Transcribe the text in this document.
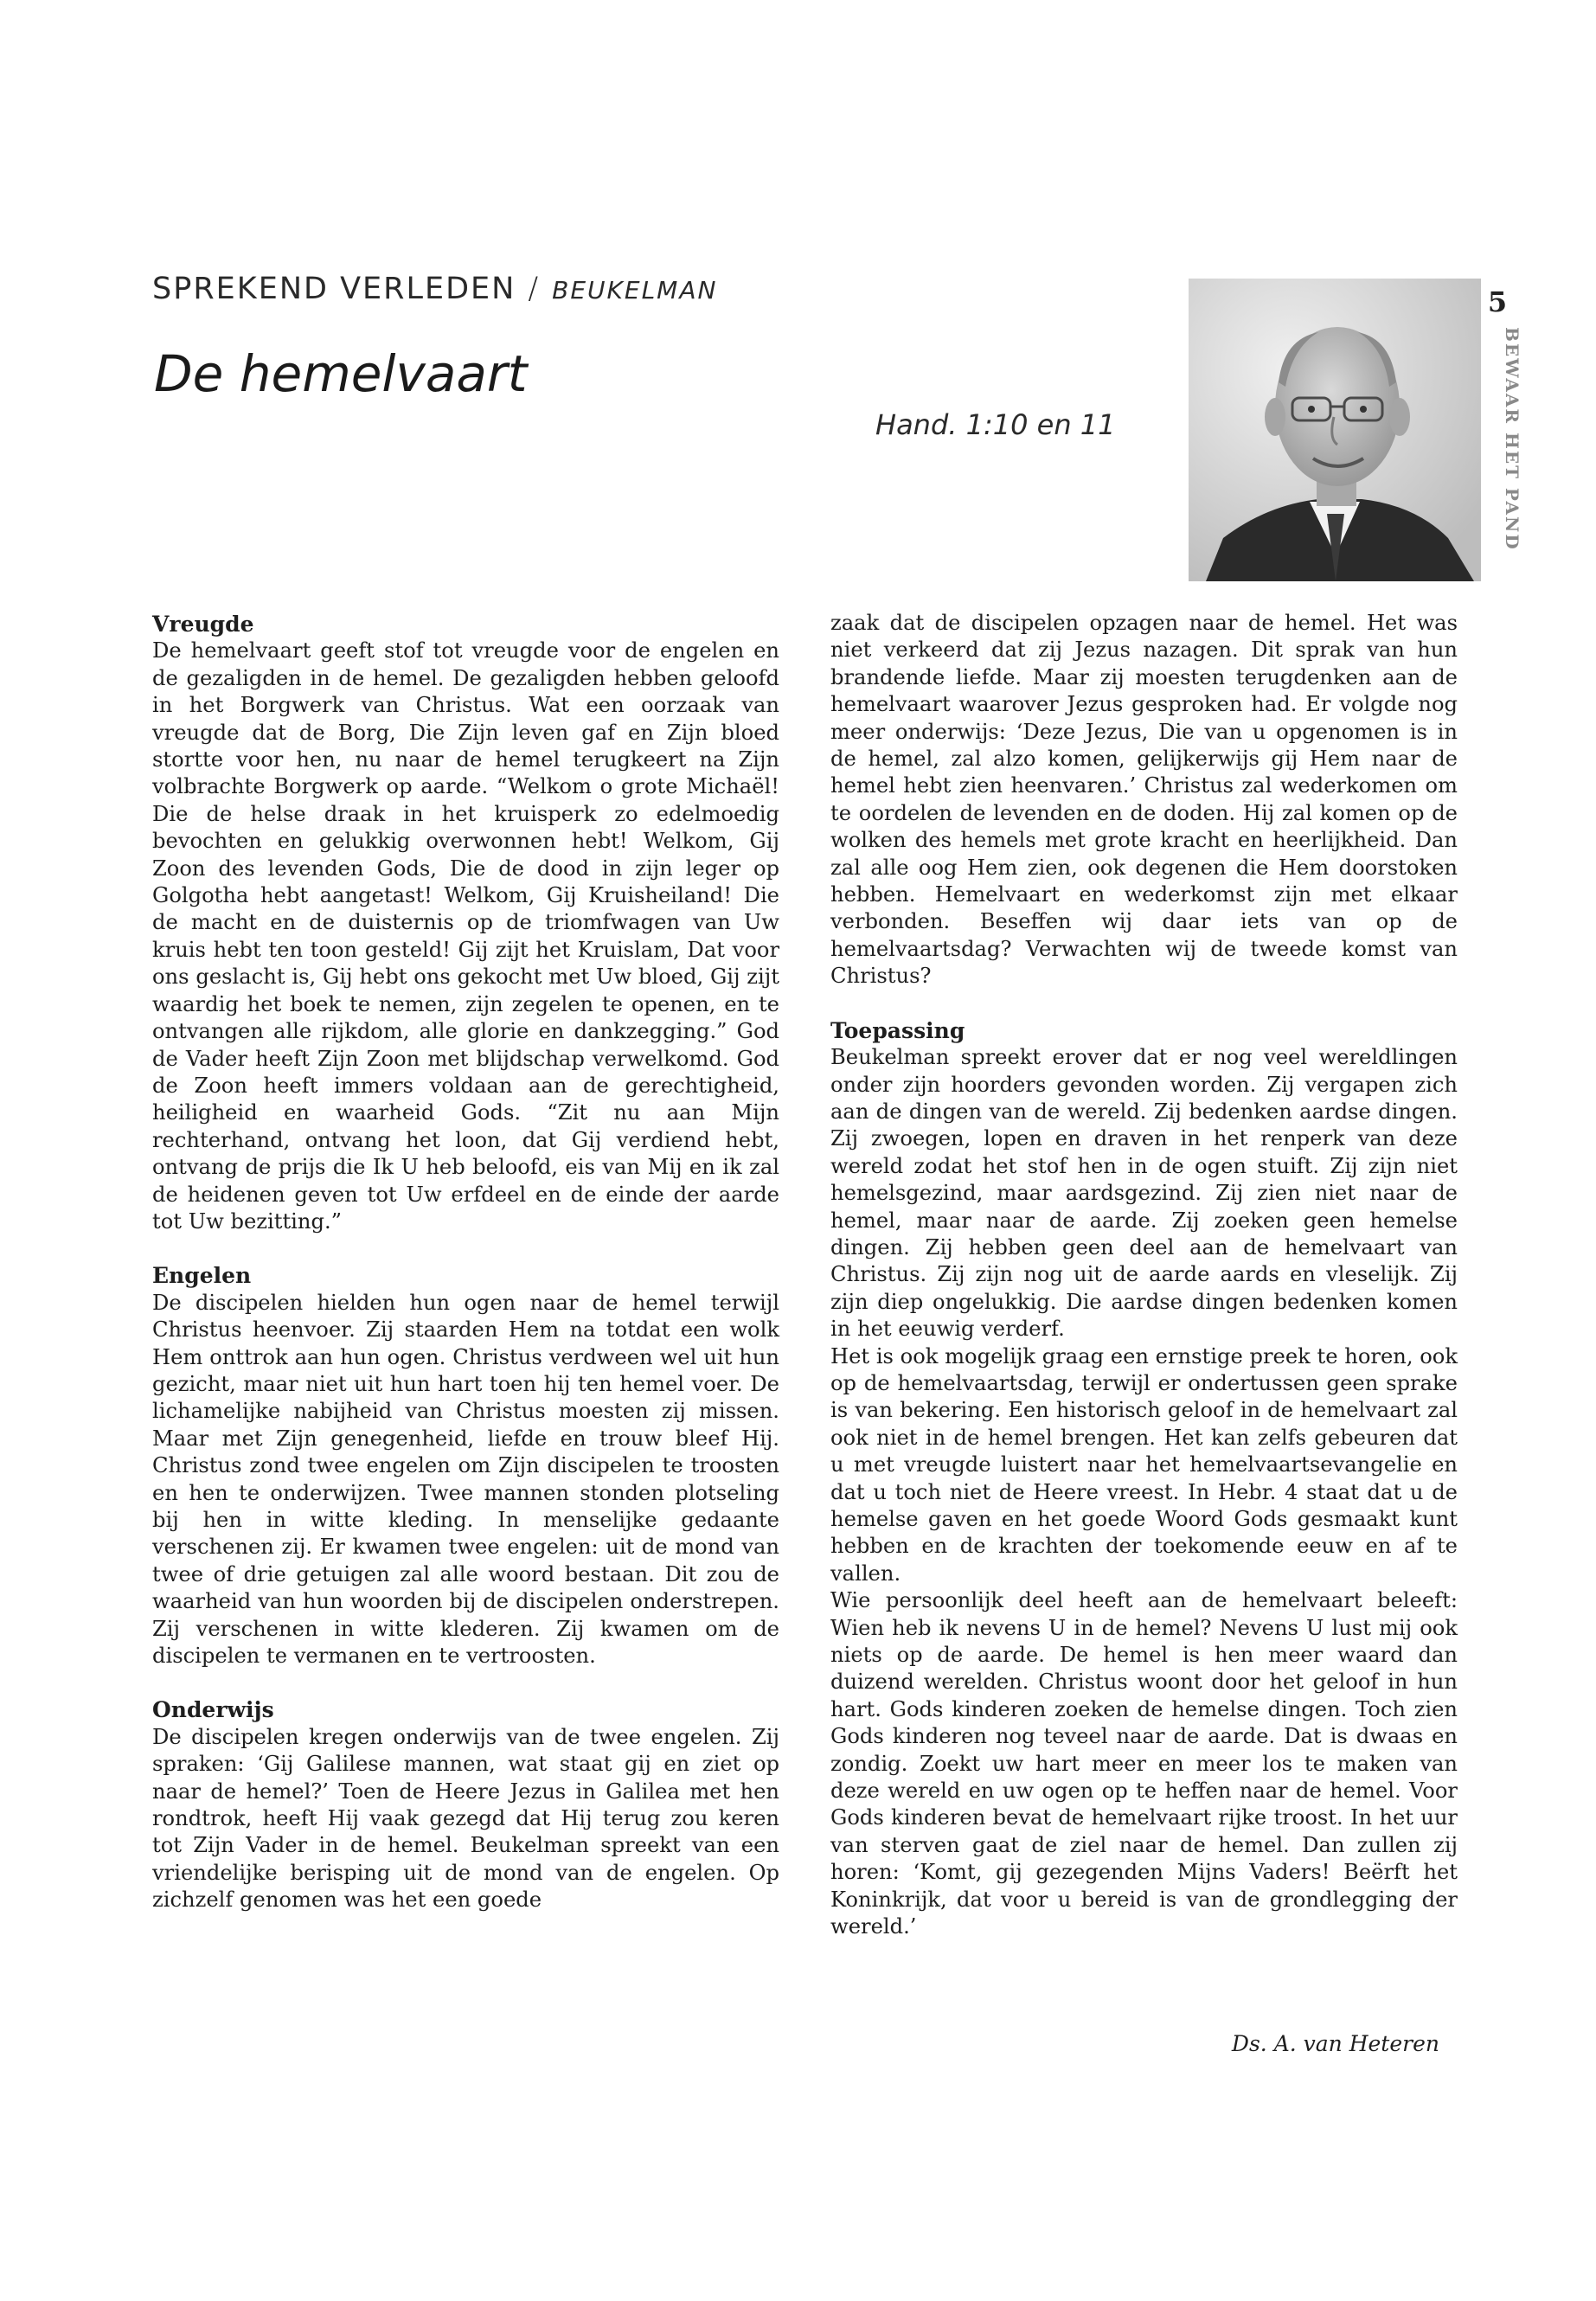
SPREKEND VERLEDEN / BEUKELMAN
De hemelvaart
Hand. 1:10 en 11
5
BEWAAR HET PAND

Vreugde

De hemelvaart geeft stof tot vreugde voor de engelen en de gezaligden in de hemel. De gezaligden hebben geloofd in het Borgwerk van Christus. Wat een oorzaak van vreugde dat de Borg, Die Zijn leven gaf en Zijn bloed stortte voor hen, nu naar de hemel terugkeert na Zijn volbrachte Borgwerk op aarde. “Welkom o grote Michaël! Die de helse draak in het kruisperk zo edelmoedig bevochten en gelukkig overwonnen hebt! Welkom, Gij Zoon des levenden Gods, Die de dood in zijn leger op Golgotha hebt aangetast! Welkom, Gij Kruisheiland! Die de macht en de duisternis op de triomfwagen van Uw kruis hebt ten toon gesteld! Gij zijt het Kruislam, Dat voor ons geslacht is, Gij hebt ons gekocht met Uw bloed, Gij zijt waardig het boek te nemen, zijn zegelen te openen, en te ontvangen alle rijkdom, alle glorie en dankzegging.” God de Vader heeft Zijn Zoon met blijdschap verwelkomd. God de Zoon heeft immers voldaan aan de gerechtigheid, heiligheid en waarheid Gods. “Zit nu aan Mijn rechterhand, ontvang het loon, dat Gij verdiend hebt, ontvang de prijs die Ik U heb beloofd, eis van Mij en ik zal de heidenen geven tot Uw erfdeel en de einde der aarde tot Uw bezitting.”

Engelen

De discipelen hielden hun ogen naar de hemel terwijl Christus heenvoer. Zij staarden Hem na totdat een wolk Hem onttrok aan hun ogen. Christus verdween wel uit hun gezicht, maar niet uit hun hart toen hij ten hemel voer. De lichamelijke nabijheid van Christus moesten zij missen. Maar met Zijn genegenheid, liefde en trouw bleef Hij. Christus zond twee engelen om Zijn discipelen te troosten en hen te onderwijzen. Twee mannen stonden plotseling bij hen in witte kleding. In menselijke gedaante verschenen zij. Er kwamen twee engelen: uit de mond van twee of drie getuigen zal alle woord bestaan. Dit zou de waarheid van hun woorden bij de discipelen onderstrepen. Zij verschenen in witte klederen. Zij kwamen om de discipelen te vermanen en te vertroosten.

Onderwijs

De discipelen kregen onderwijs van de twee engelen. Zij spraken: ‘Gij Galilese mannen, wat staat gij en ziet op naar de hemel?’ Toen de Heere Jezus in Galilea met hen rondtrok, heeft Hij vaak gezegd dat Hij terug zou keren tot Zijn Vader in de hemel. Beukelman spreekt van een vriendelijke berisping uit de mond van de engelen. Op zichzelf genomen was het een goede

zaak dat de discipelen opzagen naar de hemel. Het was niet verkeerd dat zij Jezus nazagen. Dit sprak van hun brandende liefde. Maar zij moesten terugdenken aan de hemelvaart waarover Jezus gesproken had. Er volgde nog meer onderwijs: ‘Deze Jezus, Die van u opgenomen is in de hemel, zal alzo komen, gelijkerwijs gij Hem naar de hemel hebt zien heenvaren.’ Christus zal wederkomen om te oordelen de levenden en de doden. Hij zal komen op de wolken des hemels met grote kracht en heerlijkheid. Dan zal alle oog Hem zien, ook degenen die Hem doorstoken hebben. Hemelvaart en wederkomst zijn met elkaar verbonden. Beseffen wij daar iets van op de hemelvaartsdag? Verwachten wij de tweede komst van Christus?

Toepassing

Beukelman spreekt erover dat er nog veel wereldlingen onder zijn hoorders gevonden worden. Zij vergapen zich aan de dingen van de wereld. Zij bedenken aardse dingen. Zij zwoegen, lopen en draven in het renperk van deze wereld zodat het stof hen in de ogen stuift. Zij zijn niet hemelsgezind, maar aardsgezind. Zij zien niet naar de hemel, maar naar de aarde. Zij zoeken geen hemelse dingen. Zij hebben geen deel aan de hemelvaart van Christus. Zij zijn nog uit de aarde aards en vleselijk. Zij zijn diep ongelukkig. Die aardse dingen bedenken komen in het eeuwig verderf.

Het is ook mogelijk graag een ernstige preek te horen, ook op de hemelvaartsdag, terwijl er ondertussen geen sprake is van bekering. Een historisch geloof in de hemelvaart zal ook niet in de hemel brengen. Het kan zelfs gebeuren dat u met vreugde luistert naar het hemelvaartsevangelie en dat u toch niet de Heere vreest. In Hebr. 4 staat dat u de hemelse gaven en het goede Woord Gods gesmaakt kunt hebben en de krachten der toekomende eeuw en af te vallen.

Wie persoonlijk deel heeft aan de hemelvaart beleeft: Wien heb ik nevens U in de hemel? Nevens U lust mij ook niets op de aarde. De hemel is hen meer waard dan duizend werelden. Christus woont door het geloof in hun hart. Gods kinderen zoeken de hemelse dingen. Toch zien Gods kinderen nog teveel naar de aarde. Dat is dwaas en zondig. Zoekt uw hart meer en meer los te maken van deze wereld en uw ogen op te heffen naar de hemel. Voor Gods kinderen bevat de hemelvaart rijke troost. In het uur van sterven gaat de ziel naar de hemel. Dan zullen zij horen: ‘Komt, gij gezegenden Mijns Vaders! Beërft het Koninkrijk, dat voor u bereid is van de grondlegging der wereld.’

Ds. A. van Heteren
